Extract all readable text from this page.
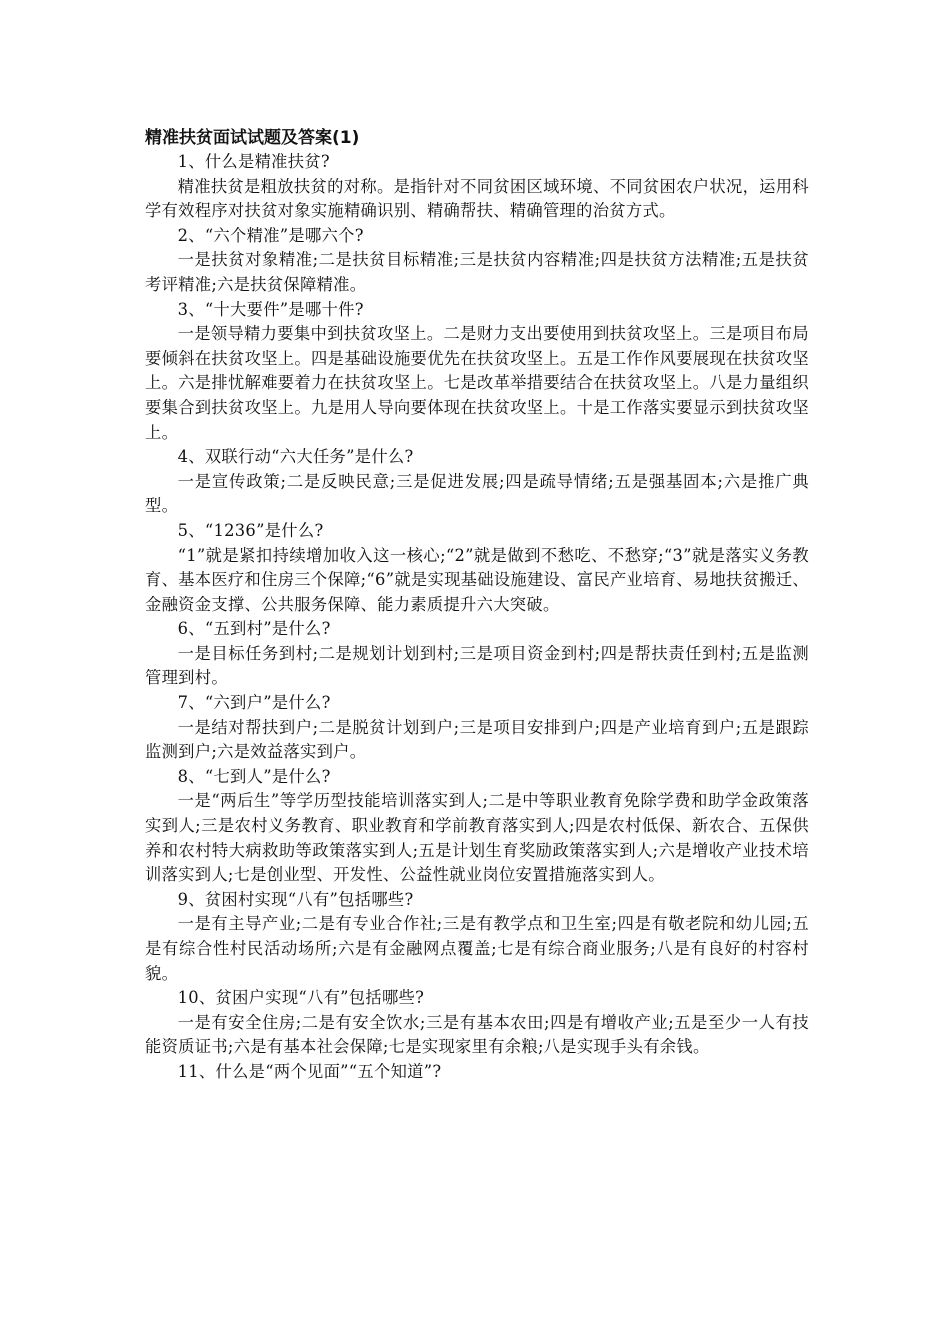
精准扶贫面试试题及答案(1)

1、什么是精准扶贫?

精准扶贫是粗放扶贫的对称。是指针对不同贫困区域环境、不同贫困农户状况，运用科学有效程序对扶贫对象实施精确识别、精确帮扶、精确管理的治贫方式。

2、“六个精准”是哪六个?

一是扶贫对象精准;二是扶贫目标精准;三是扶贫内容精准;四是扶贫方法精准;五是扶贫考评精准;六是扶贫保障精准。

3、“十大要件”是哪十件?

一是领导精力要集中到扶贫攻坚上。二是财力支出要使用到扶贫攻坚上。三是项目布局要倾斜在扶贫攻坚上。四是基础设施要优先在扶贫攻坚上。五是工作作风要展现在扶贫攻坚上。六是排忧解难要着力在扶贫攻坚上。七是改革举措要结合在扶贫攻坚上。八是力量组织要集合到扶贫攻坚上。九是用人导向要体现在扶贫攻坚上。十是工作落实要显示到扶贫攻坚上。

4、双联行动“六大任务”是什么?

一是宣传政策;二是反映民意;三是促进发展;四是疏导情绪;五是强基固本;六是推广典型。

5、“1236”是什么?

“1”就是紧扣持续增加收入这一核心;“2”就是做到不愁吃、不愁穿;“3”就是落实义务教育、基本医疗和住房三个保障;“6”就是实现基础设施建设、富民产业培育、易地扶贫搬迁、金融资金支撑、公共服务保障、能力素质提升六大突破。

6、“五到村”是什么?

一是目标任务到村;二是规划计划到村;三是项目资金到村;四是帮扶责任到村;五是监测管理到村。

7、“六到户”是什么?

一是结对帮扶到户;二是脱贫计划到户;三是项目安排到户;四是产业培育到户;五是跟踪监测到户;六是效益落实到户。

8、“七到人”是什么?

一是“两后生”等学历型技能培训落实到人;二是中等职业教育免除学费和助学金政策落实到人;三是农村义务教育、职业教育和学前教育落实到人;四是农村低保、新农合、五保供养和农村特大病救助等政策落实到人;五是计划生育奖励政策落实到人;六是增收产业技术培训落实到人;七是创业型、开发性、公益性就业岗位安置措施落实到人。

9、贫困村实现“八有”包括哪些?

一是有主导产业;二是有专业合作社;三是有教学点和卫生室;四是有敬老院和幼儿园;五是有综合性村民活动场所;六是有金融网点覆盖;七是有综合商业服务;八是有良好的村容村貌。

10、贫困户实现“八有”包括哪些?

一是有安全住房;二是有安全饮水;三是有基本农田;四是有增收产业;五是至少一人有技能资质证书;六是有基本社会保障;七是实现家里有余粮;八是实现手头有余钱。

11、什么是“两个见面”“五个知道”?
